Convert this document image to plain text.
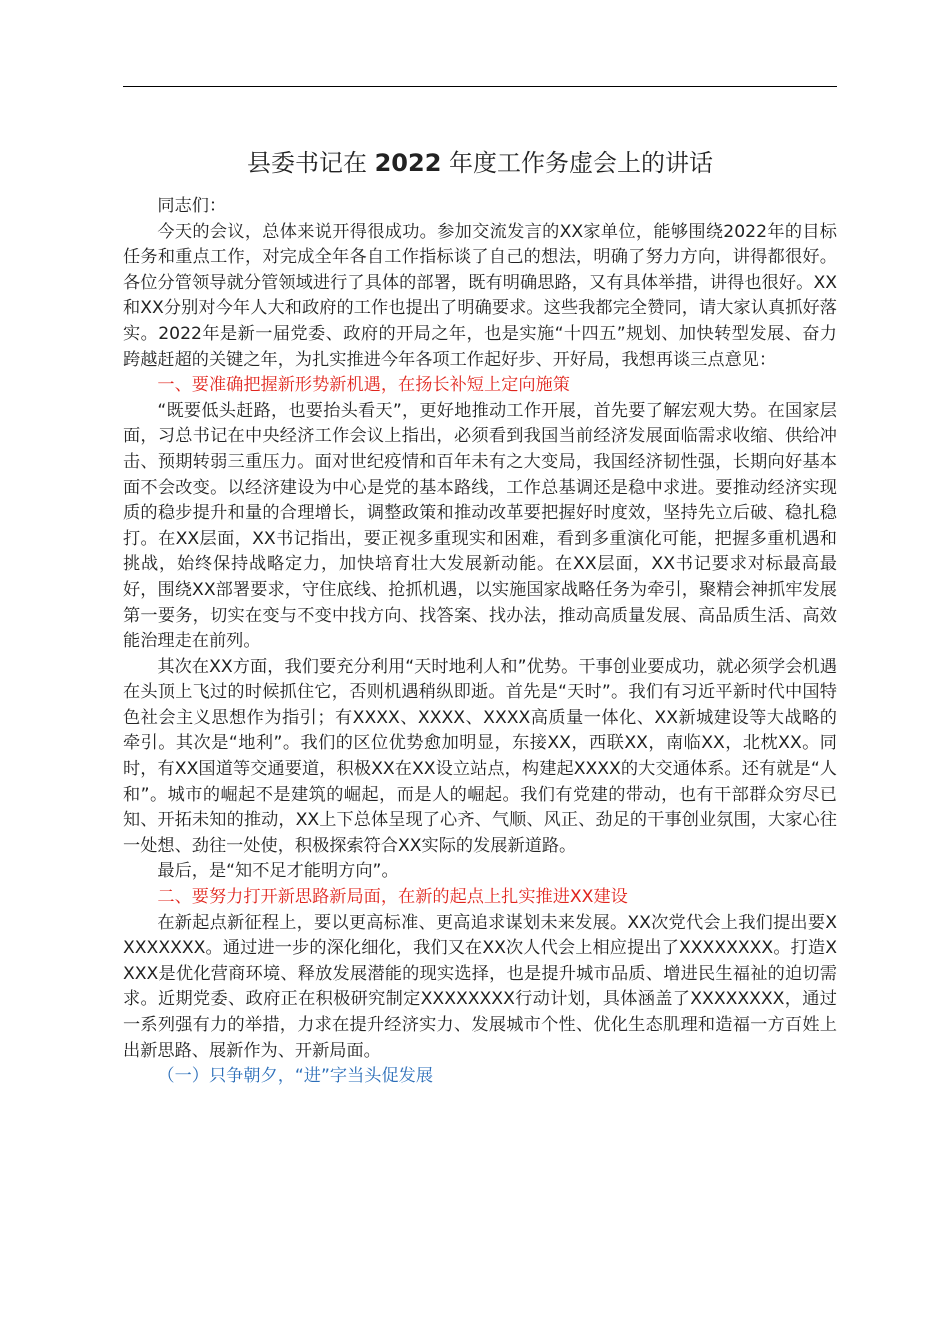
县委书记在 2022 年度工作务虚会上的讲话

同志们：

今天的会议，总体来说开得很成功。参加交流发言的XX家单位，能够围绕2022年的目标任务和重点工作，对完成全年各自工作指标谈了自己的想法，明确了努力方向，讲得都很好。各位分管领导就分管领域进行了具体的部署，既有明确思路，又有具体举措，讲得也很好。XX和XX分别对今年人大和政府的工作也提出了明确要求。这些我都完全赞同，请大家认真抓好落实。2022年是新一届党委、政府的开局之年，也是实施“十四五”规划、加快转型发展、奋力跨越赶超的关键之年，为扎实推进今年各项工作起好步、开好局，我想再谈三点意见：

一、要准确把握新形势新机遇，在扬长补短上定向施策

“既要低头赶路，也要抬头看天”，更好地推动工作开展，首先要了解宏观大势。在国家层面，习总书记在中央经济工作会议上指出，必须看到我国当前经济发展面临需求收缩、供给冲击、预期转弱三重压力。面对世纪疫情和百年未有之大变局，我国经济韧性强，长期向好基本面不会改变。以经济建设为中心是党的基本路线，工作总基调还是稳中求进。要推动经济实现质的稳步提升和量的合理增长，调整政策和推动改革要把握好时度效，坚持先立后破、稳扎稳打。在XX层面，XX书记指出，要正视多重现实和困难，看到多重演化可能，把握多重机遇和挑战，始终保持战略定力，加快培育壮大发展新动能。在XX层面，XX书记要求对标最高最好，围绕XX部署要求，守住底线、抢抓机遇，以实施国家战略任务为牵引，聚精会神抓牢发展第一要务，切实在变与不变中找方向、找答案、找办法，推动高质量发展、高品质生活、高效能治理走在前列。

其次在XX方面，我们要充分利用“天时地利人和”优势。干事创业要成功，就必须学会机遇在头顶上飞过的时候抓住它，否则机遇稍纵即逝。首先是“天时”。我们有习近平新时代中国特色社会主义思想作为指引；有XXXX、XXXX、XXXX高质量一体化、XX新城建设等大战略的牵引。其次是“地利”。我们的区位优势愈加明显，东接XX，西联XX，南临XX，北枕XX。同时，有XX国道等交通要道，积极XX在XX设立站点，构建起XXXX的大交通体系。还有就是“人和”。城市的崛起不是建筑的崛起，而是人的崛起。我们有党建的带动，也有干部群众穷尽已知、开拓未知的推动，XX上下总体呈现了心齐、气顺、风正、劲足的干事创业氛围，大家心往一处想、劲往一处使，积极探索符合XX实际的发展新道路。

最后，是“知不足才能明方向”。

二、要努力打开新思路新局面，在新的起点上扎实推进XX建设

在新起点新征程上，要以更高标准、更高追求谋划未来发展。XX次党代会上我们提出要XXXXXXXX。通过进一步的深化细化，我们又在XX次人代会上相应提出了XXXXXXXX。打造XXXX是优化营商环境、释放发展潜能的现实选择，也是提升城市品质、增进民生福祉的迫切需求。近期党委、政府正在积极研究制定XXXXXXXX行动计划，具体涵盖了XXXXXXXX，通过一系列强有力的举措，力求在提升经济实力、发展城市个性、优化生态肌理和造福一方百姓上出新思路、展新作为、开新局面。

（一）只争朝夕，“进”字当头促发展
